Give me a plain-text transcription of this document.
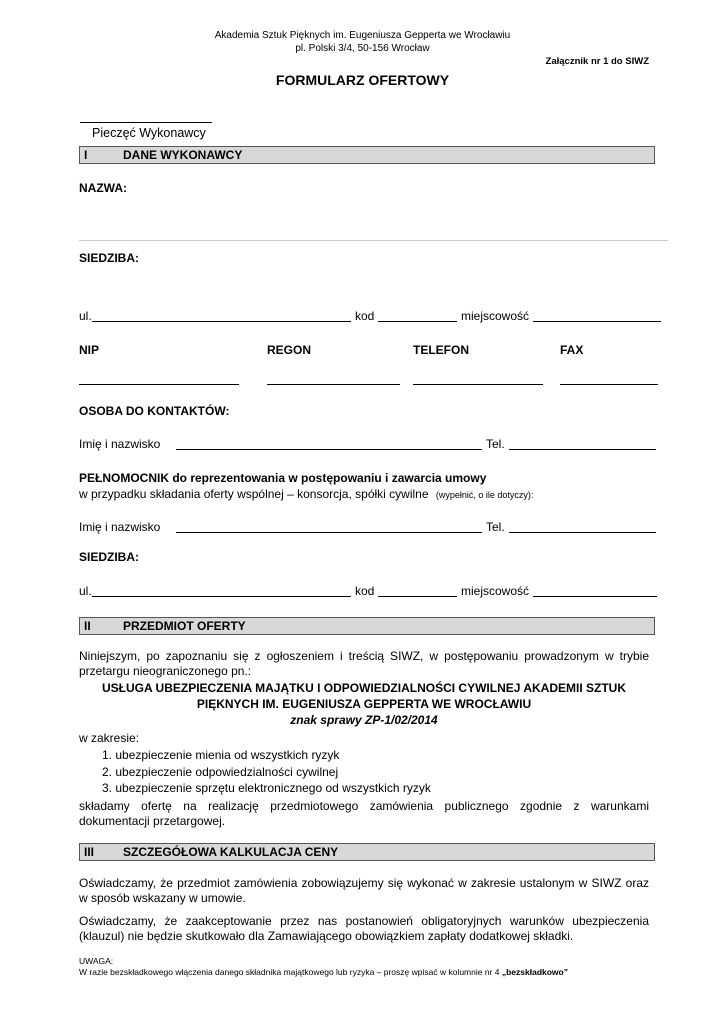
Akademia Sztuk Pięknych im. Eugeniusza Gepperta we Wrocławiu
pl. Polski 3/4, 50-156 Wrocław
Załącznik nr 1 do SIWZ
FORMULARZ OFERTOWY
Pieczęć Wykonawcy
I	DANE WYKONAWCY
NAZWA:
SIEDZIBA:
ul.	kod	miejscowość
NIP	REGON	TELEFON	FAX
OSOBA DO KONTAKTÓW:
Imię i nazwisko	Tel.
PEŁNOMOCNIK do reprezentowania w postępowaniu i zawarcia umowy
w przypadku składania oferty wspólnej – konsorcja, spółki cywilne (wypełnić, o ile dotyczy):
Imię i nazwisko	Tel.
SIEDZIBA:
ul.	kod	miejscowość
II	PRZEDMIOT OFERTY
Niniejszym, po zapoznaniu się z ogłoszeniem i treścią SIWZ, w postępowaniu prowadzonym w trybie przetargu nieograniczonego pn.:
USŁUGA UBEZPIECZENIA MAJĄTKU I ODPOWIEDZIALNOŚCI CYWILNEJ AKADEMII SZTUK
PIĘKNYCH IM. EUGENIUSZA GEPPERTA WE WROCŁAWIU
znak sprawy ZP-1/02/2014
w zakresie:
1. ubezpieczenie mienia od wszystkich ryzyk
2. ubezpieczenie odpowiedzialności cywilnej
3. ubezpieczenie sprzętu elektronicznego od wszystkich ryzyk
składamy ofertę na realizację przedmiotowego zamówienia publicznego zgodnie z warunkami dokumentacji przetargowej.
III SZCZEGÓŁOWA KALKULACJA CENY
Oświadczamy, że przedmiot zamówienia zobowiązujemy się wykonać w zakresie ustalonym w SIWZ oraz w sposób wskazany w umowie.
Oświadczamy, że zaakceptowanie przez nas postanowień obligatoryjnych warunków ubezpieczenia (klauzul) nie będzie skutkowało dla Zamawiającego obowiązkiem zapłaty dodatkowej składki.
UWAGA:
W razie bezskładkowego włączenia danego składnika majątkowego lub ryzyka – proszę wpisać w kolumnie nr 4 „bezskładkowo”
